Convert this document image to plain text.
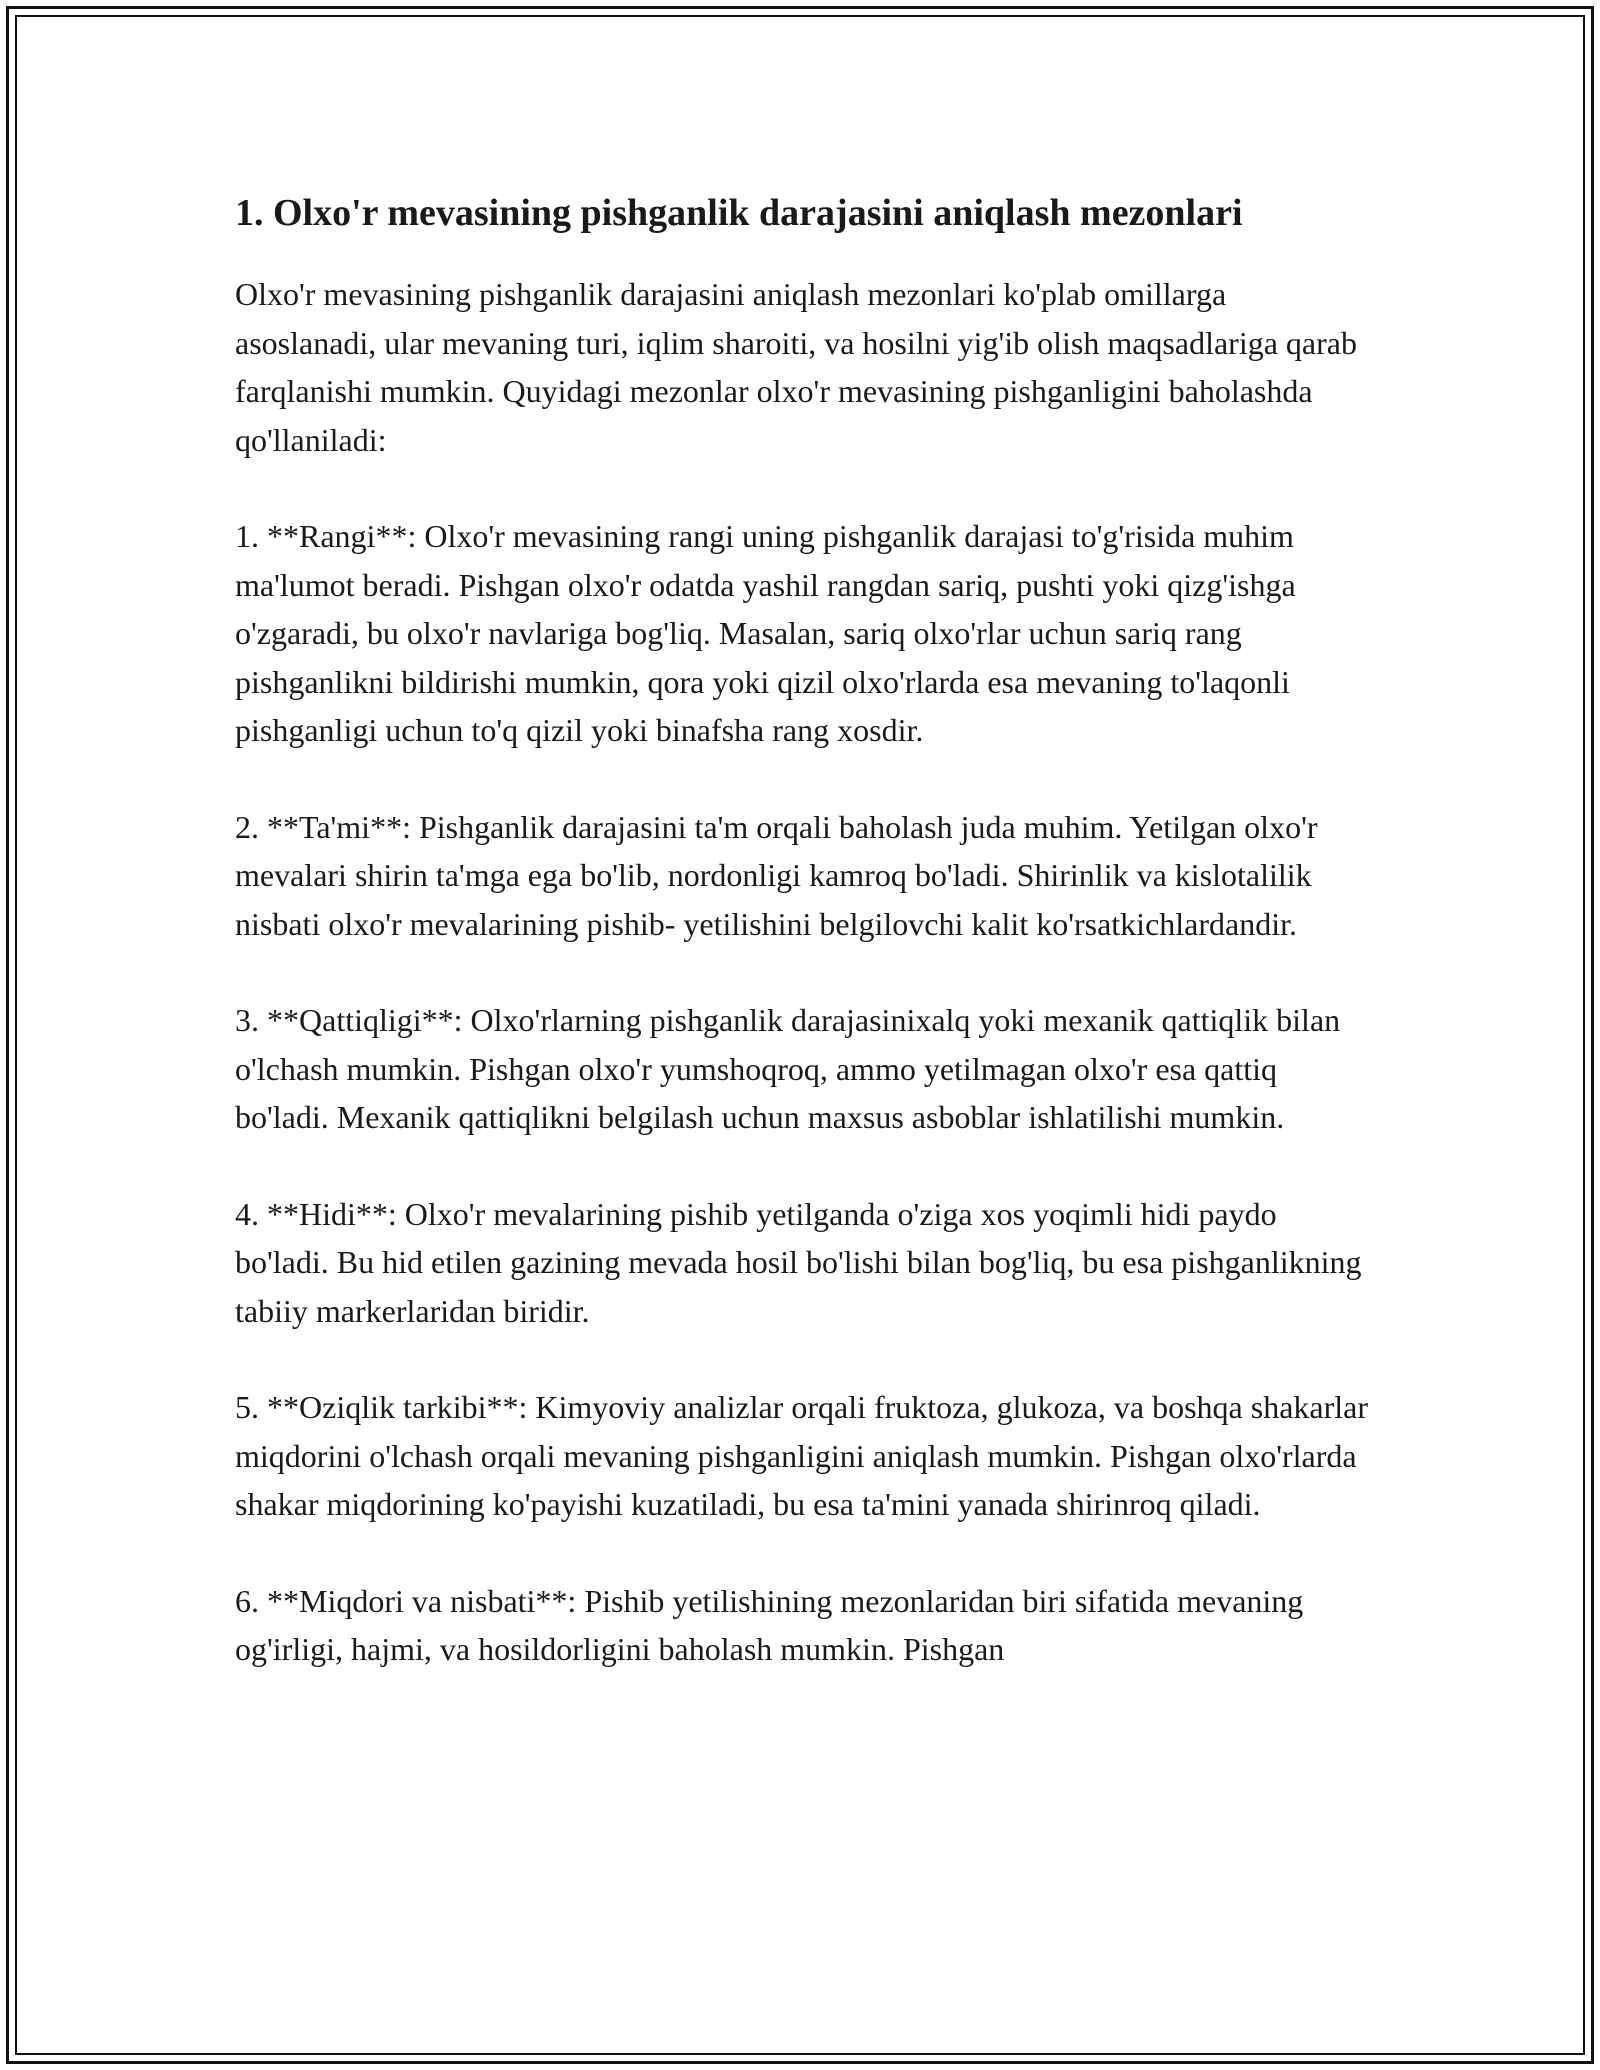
1. Olxo'r mevasining pishganlik darajasini aniqlash mezonlari

Olxo'r mevasining pishganlik darajasini aniqlash mezonlari ko'plab omillarga asoslanadi, ular mevaning turi, iqlim sharoiti, va hosilni yig'ib olish maqsadlariga qarab farqlanishi mumkin. Quyidagi mezonlar olxo'r mevasining pishganligini baholashda qo'llaniladi:

1. **Rangi**: Olxo'r mevasining rangi uning pishganlik darajasi to'g'risida muhim ma'lumot beradi. Pishgan olxo'r odatda yashil rangdan sariq, pushti yoki qizg'ishga o'zgaradi, bu olxo'r navlariga bog'liq. Masalan, sariq olxo'rlar uchun sariq rang pishganlikni bildirishi mumkin, qora yoki qizil olxo'rlarda esa mevaning to'laqonli pishganligi uchun to'q qizil yoki binafsha rang xosdir.

2. **Ta'mi**: Pishganlik darajasini ta'm orqali baholash juda muhim. Yetilgan olxo'r mevalari shirin ta'mga ega bo'lib, nordonligi kamroq bo'ladi. Shirinlik va kislotalilik nisbati olxo'r mevalarining pishib- yetilishini belgilovchi kalit ko'rsatkichlardandir.

3. **Qattiqligi**: Olxo'rlarning pishganlik darajasinixalq yoki mexanik qattiqlik bilan o'lchash mumkin. Pishgan olxo'r yumshoqroq, ammo yetilmagan olxo'r esa qattiq bo'ladi. Mexanik qattiqlikni belgilash uchun maxsus asboblar ishlatilishi mumkin.

4. **Hidi**: Olxo'r mevalarining pishib yetilganda o'ziga xos yoqimli hidi paydo bo'ladi. Bu hid etilen gazining mevada hosil bo'lishi bilan bog'liq, bu esa pishganlikning tabiiy markerlaridan biridir.

5. **Oziqlik tarkibi**: Kimyoviy analizlar orqali fruktoza, glukoza, va boshqa shakarlar miqdorini o'lchash orqali mevaning pishganligini aniqlash mumkin. Pishgan olxo'rlarda shakar miqdorining ko'payishi kuzatiladi, bu esa ta'mini yanada shirinroq qiladi.

6. **Miqdori va nisbati**: Pishib yetilishining mezonlaridan biri sifatida mevaning og'irligi, hajmi, va hosildorligini baholash mumkin. Pishgan
